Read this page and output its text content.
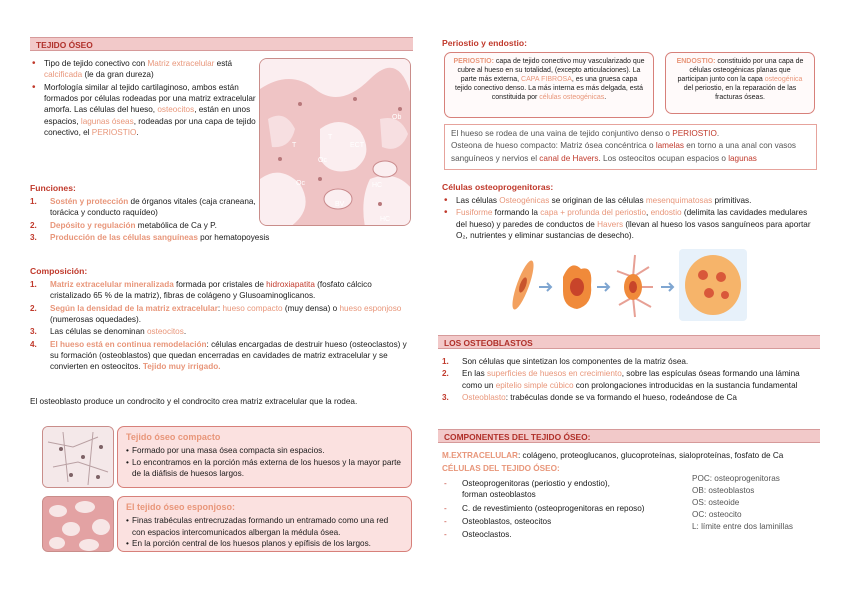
TEJIDO ÓSEO
• Tipo de tejido conectivo con Matriz extracelular está calcificada (le da gran dureza)
• Morfología similar al tejido cartilaginoso, ambos están formados por células rodeadas por una matriz extracelular amorfa. Las células del hueso, osteocitos, están en unos espacios, lagunas óseas, rodeadas por una capa de tejido conectivo, el PERIOSTIO.
T
Oc
ECT
HC
BV
Ob
T
Oc
HC
Funciones:
1. Sostén y protección de órganos vitales (caja craneana, torácica y conducto raquídeo)
2. Depósito y regulación metabólica de Ca y P.
3. Producción de las células sanguíneas por hematopoyesis
Composición:
1. Matriz extracelular mineralizada formada por cristales de hidroxiapatita (fosfato cálcico cristalizado 65 % de la matriz), fibras de colágeno y Glusoaminoglicanos.
2. Según la densidad de la matriz extracelular: hueso compacto (muy densa) o hueso esponjoso (numerosas oquedades).
3. Las células se denominan osteocitos.
4. El hueso está en continua remodelación: células encargadas de destruir hueso (osteoclastos) y su formación (osteoblastos) que quedan encerradas en cavidades de matriz extracelular y se convierten en osteocitos. Tejido muy irrigado.
El osteoblasto produce un condrocito y el condrocito crea matriz extracelular que la rodea.
Tejido óseo compacto
• Formado por una masa ósea compacta sin espacios.
• Lo encontramos en la porción más externa de los huesos y la mayor parte de la diáfisis de huesos largos.
El tejido óseo esponjoso:
• Finas trabéculas entrecruzadas formando un entramado como una red con espacios intercomunicados albergan la médula ósea.
• En la porción central de los huesos planos y epífisis de los largos.
Periostio y endostio:
PERIOSTIO: capa de tejido conectivo muy vascularizado que cubre al hueso en su totalidad, (excepto articulaciones). La parte más externa, CAPA FIBROSA, es una gruesa capa tejido conectivo denso. La más interna es más delgada, está constituida por células osteogénicas.
ENDOSTIO: constituido por una capa de células osteogénicas planas que participan junto con la capa osteogénica del periostio, en la reparación de las fracturas óseas.
El hueso se rodea de una vaina de tejido conjuntivo denso o PERIOSTIO.
Osteona de hueso compacto: Matriz ósea concéntrica o lamelas en torno a una anal con vasos sanguíneos y nervios el canal de Havers. Los osteocitos ocupan espacios o lagunas
Células osteoprogenitoras:
• Las células Osteogénicas se originan de las células mesenquimatosas primitivas.
• Fusiforme formando la capa + profunda del periostio, endostio (delimita las cavidades medulares del hueso) y paredes de conductos de Havers (llevan al hueso los vasos sanguíneos para aportar O₂, nutrientes y eliminar sustancias de desecho).
LOS OSTEOBLASTOS
1. Son células que sintetizan los componentes de la matriz ósea.
2. En las superficies de huesos en crecimiento, sobre las espículas óseas formando una lámina como un epitelio simple cúbico con prolongaciones introducidas en la sustancia fundamental
3. Osteoblasto: trabéculas donde se va formando el hueso, rodeándose de Ca
COMPONENTES DEL TEJIDO ÓSEO:
M.EXTRACELULAR: colágeno, proteoglucanos, glucoproteínas, sialoproteínas, fosfato de Ca
CÉLULAS DEL TEJIDO ÓSEO:
- Osteoprogenitoras (periostio y endostio), forman osteoblastos
- C. de revestimiento (osteoprogenitoras en reposo)
- Osteoblastos, osteocitos
- Osteoclastos.
POC: osteoprogenitoras
OB: osteoblastos
OS: osteoide
OC: osteocito
L: límite entre dos laminillas
